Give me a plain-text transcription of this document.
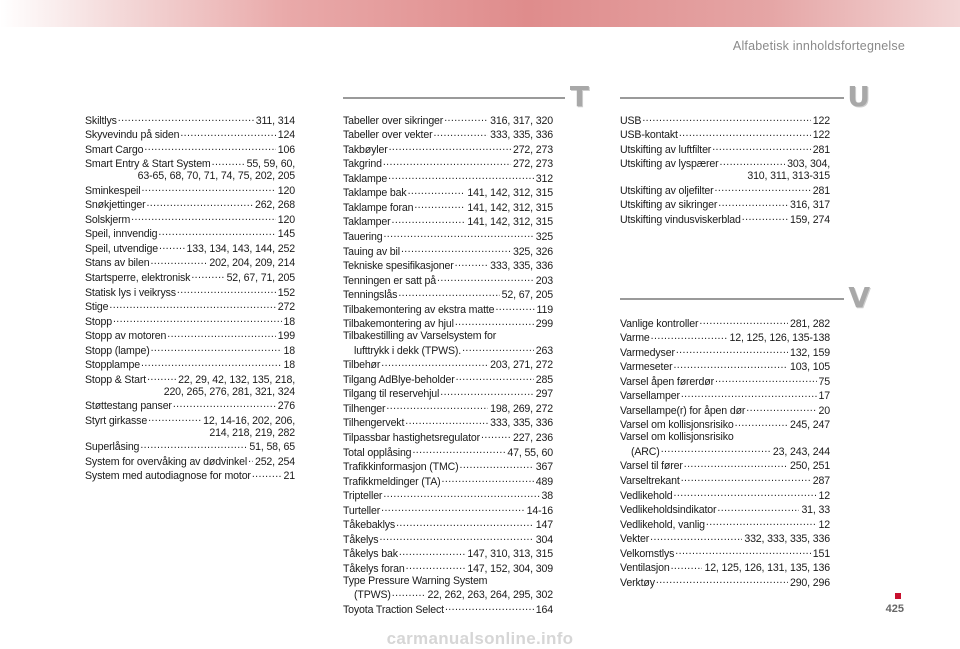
Alfabetisk innholdsfortegnelse
T	U
V
Skiltlys .....	311, 314
Skyvevindu på siden .....	124
Smart Cargo .....	106
Smart Entry & Start System .....	55, 59, 60,
63-65, 68, 70, 71, 74, 75, 202, 205
Sminkespeil .....	120
Snøkjettinger .....	262, 268
Solskjerm .....	120
Speil, innvendig .....	145
Speil, utvendige .....	133, 134, 143, 144, 252
Stans av bilen .....	202, 204, 209, 214
Startsperre, elektronisk .....	52, 67, 71, 205
Statisk lys i veikryss .....	152
Stige .....	272
Stopp .....	18
Stopp av motoren .....	199
Stopp (lampe) .....	18
Stopplampe .....	18
Stopp & Start .....	22, 29, 42, 132, 135, 218,
220, 265, 276, 281, 321, 324
Støttestang panser .....	276
Styrt girkasse .....	12, 14-16, 202, 206,
214, 218, 219, 282
Superlåsing .....	51, 58, 65
System for overvåking av dødvinkel ..... 252, 254
System med autodiagnose for motor .....	21
Tabeller over sikringer .....	316, 317, 320
Tabeller over vekter .....	333, 335, 336
Takbøyler .....	272, 273
Takgrind .....	272, 273
Taklampe .....	312
Taklampe bak .....	141, 142, 312, 315
Taklampe foran .....	141, 142, 312, 315
Taklamper .....	141, 142, 312, 315
Tauering .....	325
Tauing av bil .....	325, 326
Tekniske spesifikasjoner .....	333, 335, 336
Tenningen er satt på .....	203
Tenningslås .....	52, 67, 205
Tilbakemontering av ekstra matte .....	119
Tilbakemontering av hjul .....	299
Tilbakestilling av Varselsystem for
lufttrykk i dekk (TPWS). .....	263
Tilbehør .....	203, 271, 272
Tilgang AdBlye-beholder .....	285
Tilgang til reservehjul .....	297
Tilhenger .....	198, 269, 272
Tilhengervekt .....	333, 335, 336
Tilpassbar hastighetsregulator .....	227, 236
Total opplåsing .....	47, 55, 60
Trafikkinformasjon (TMC) .....	367
Trafikkmeldinger (TA) .....	489
Tripteller .....	38
Turteller .....	14-16
Tåkebaklys .....	147
Tåkelys .....	304
Tåkelys bak .....	147, 310, 313, 315
Tåkelys foran .....	147, 152, 304, 309
Type Pressure Warning System
(TPWS) .....	22, 262, 263, 264, 295, 302
Toyota Traction Select .....	164
USB .....	122
USB-kontakt .....	122
Utskifting av luftfilter .....	281
Utskifting av lyspærer .....	303, 304,
310, 311, 313-315
Utskifting av oljefilter .....	281
Utskifting av sikringer .....	316, 317
Utskifting vindusviskerblad .....	159, 274
Vanlige kontroller .....	281, 282
Varme .....	12, 125, 126, 135-138
Varmedyser .....	132, 159
Varmeseter .....	103, 105
Varsel åpen førerdør .....	75
Varsellamper .....	17
Varsellampe(r) for åpen dør .....	20
Varsel om kollisjonsrisiko .....	245, 247
Varsel om kollisjonsrisiko
(ARC) .....	23, 243, 244
Varsel til fører .....	250, 251
Varseltrekant .....	287
Vedlikehold .....	12
Vedlikeholdsindikator .....	31, 33
Vedlikehold, vanlig .....	12
Vekter .....	332, 333, 335, 336
Velkomstlys .....	151
Ventilasjon .....	12, 125, 126, 131, 135, 136
Verktøy .....	290, 296
425
carmanualsonline.info
